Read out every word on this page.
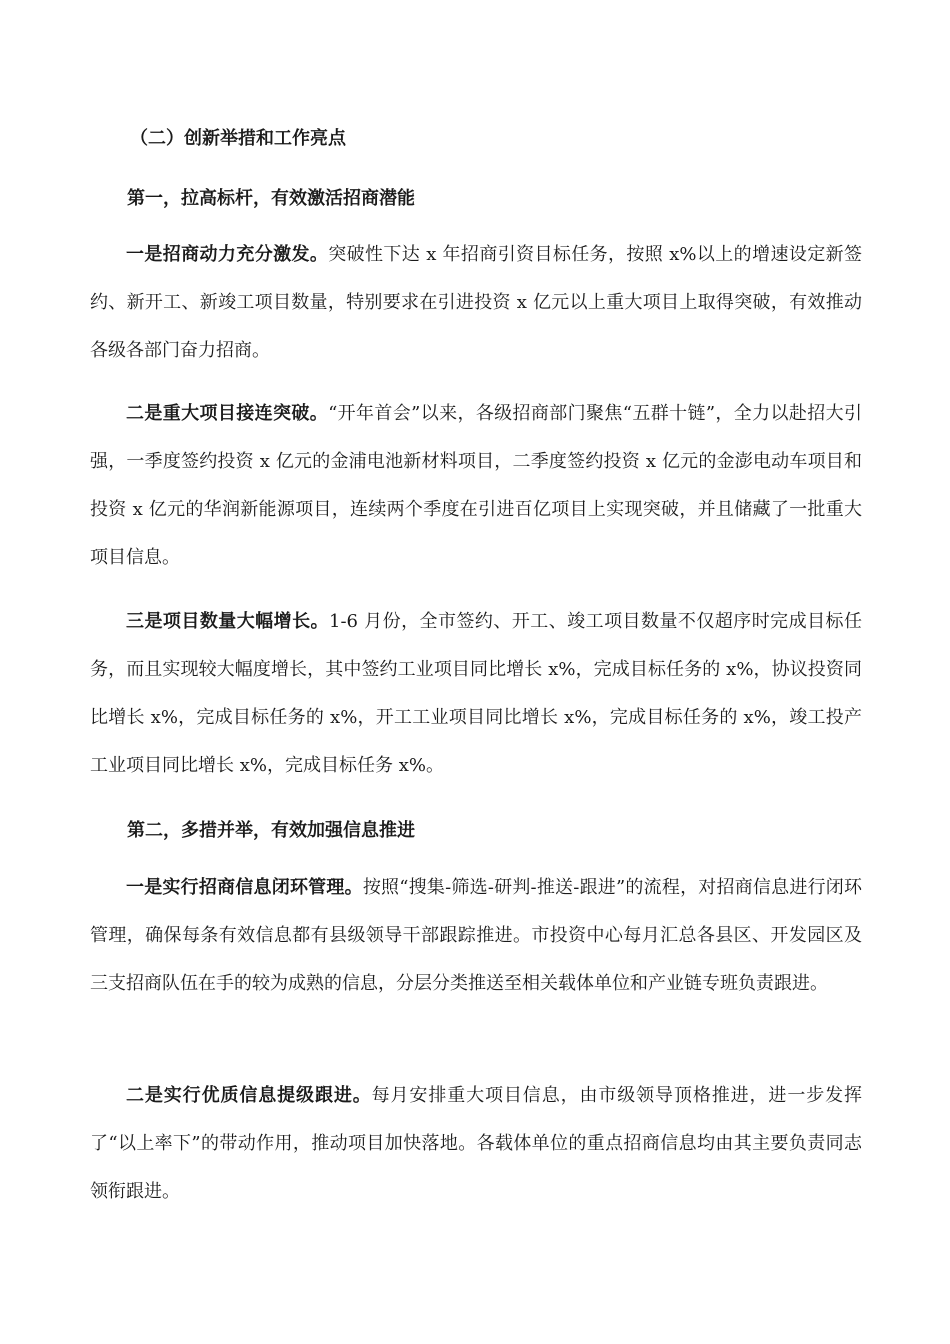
（二）创新举措和工作亮点
第一，拉高标杆，有效激活招商潜能

一是招商动力充分激发。突破性下达 x 年招商引资目标任务，按照 x%以上的增速设定新签约、新开工、新竣工项目数量，特别要求在引进投资 x 亿元以上重大项目上取得突破，有效推动各级各部门奋力招商。

二是重大项目接连突破。“开年首会”以来，各级招商部门聚焦“五群十链”，全力以赴招大引强，一季度签约投资 x 亿元的金浦电池新材料项目，二季度签约投资 x 亿元的金澎电动车项目和投资 x 亿元的华润新能源项目，连续两个季度在引进百亿项目上实现突破，并且储藏了一批重大项目信息。

三是项目数量大幅增长。1-6 月份，全市签约、开工、竣工项目数量不仅超序时完成目标任务，而且实现较大幅度增长，其中签约工业项目同比增长 x%，完成目标任务的 x%，协议投资同比增长 x%，完成目标任务的 x%，开工工业项目同比增长 x%，完成目标任务的 x%，竣工投产工业项目同比增长 x%，完成目标任务 x%。

第二，多措并举，有效加强信息推进

一是实行招商信息闭环管理。按照“搜集-筛选-研判-推送-跟进”的流程，对招商信息进行闭环管理，确保每条有效信息都有县级领导干部跟踪推进。市投资中心每月汇总各县区、开发园区及三支招商队伍在手的较为成熟的信息，分层分类推送至相关载体单位和产业链专班负责跟进。

二是实行优质信息提级跟进。每月安排重大项目信息，由市级领导顶格推进，进一步发挥了“以上率下”的带动作用，推动项目加快落地。各载体单位的重点招商信息均由其主要负责同志领衔跟进。
